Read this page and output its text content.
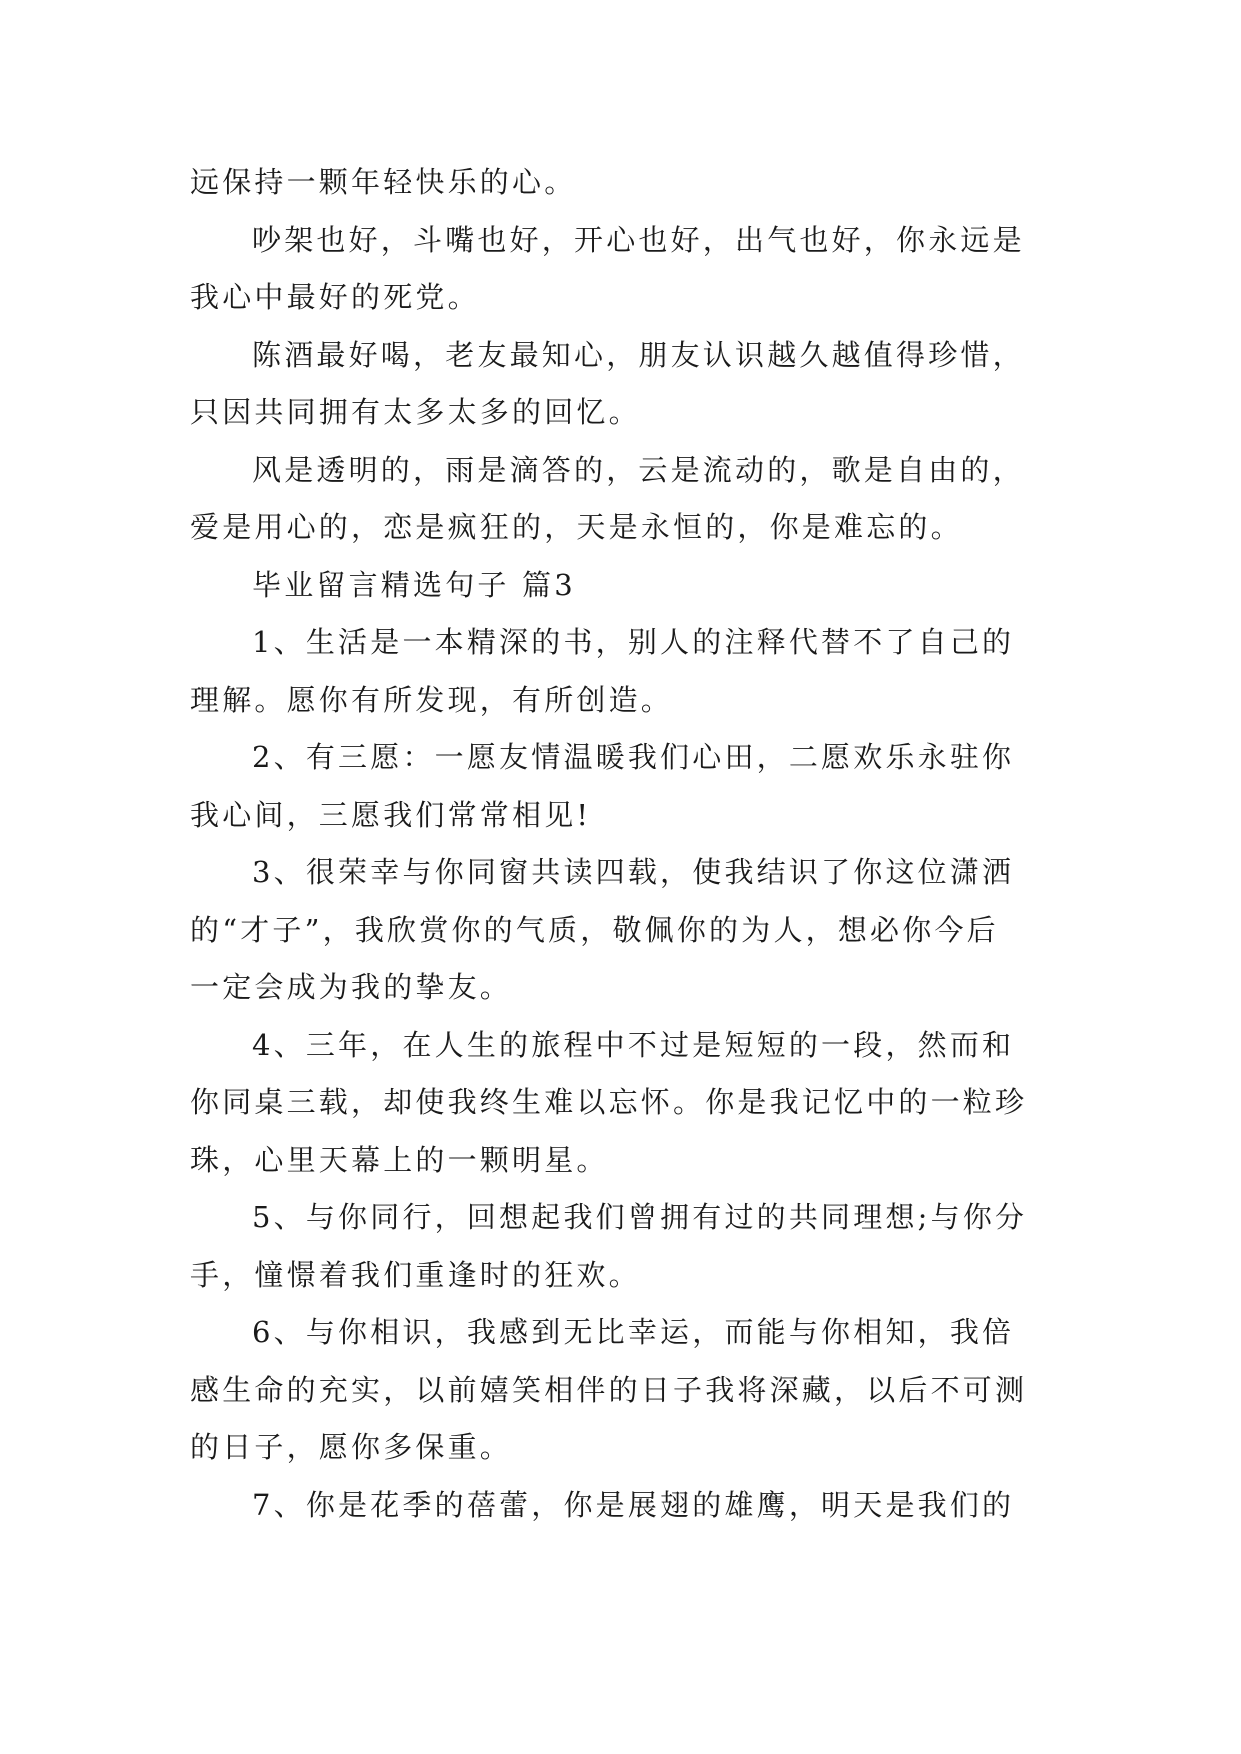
远保持一颗年轻快乐的心。
吵架也好，斗嘴也好，开心也好，出气也好，你永远是
我心中最好的死党。
陈酒最好喝，老友最知心，朋友认识越久越值得珍惜，
只因共同拥有太多太多的回忆。
风是透明的，雨是滴答的，云是流动的，歌是自由的，
爱是用心的，恋是疯狂的，天是永恒的，你是难忘的。
毕业留言精选句子 篇3
1、生活是一本精深的书，别人的注释代替不了自己的
理解。愿你有所发现，有所创造。
2、有三愿：一愿友情温暖我们心田，二愿欢乐永驻你
我心间，三愿我们常常相见!
3、很荣幸与你同窗共读四载，使我结识了你这位潇洒
的“才子”，我欣赏你的气质，敬佩你的为人，想必你今后
一定会成为我的挚友。
4、三年，在人生的旅程中不过是短短的一段，然而和
你同桌三载，却使我终生难以忘怀。你是我记忆中的一粒珍
珠，心里天幕上的一颗明星。
5、与你同行，回想起我们曾拥有过的共同理想;与你分
手，憧憬着我们重逢时的狂欢。
6、与你相识，我感到无比幸运，而能与你相知，我倍
感生命的充实，以前嬉笑相伴的日子我将深藏，以后不可测
的日子，愿你多保重。
7、你是花季的蓓蕾，你是展翅的雄鹰，明天是我们的
